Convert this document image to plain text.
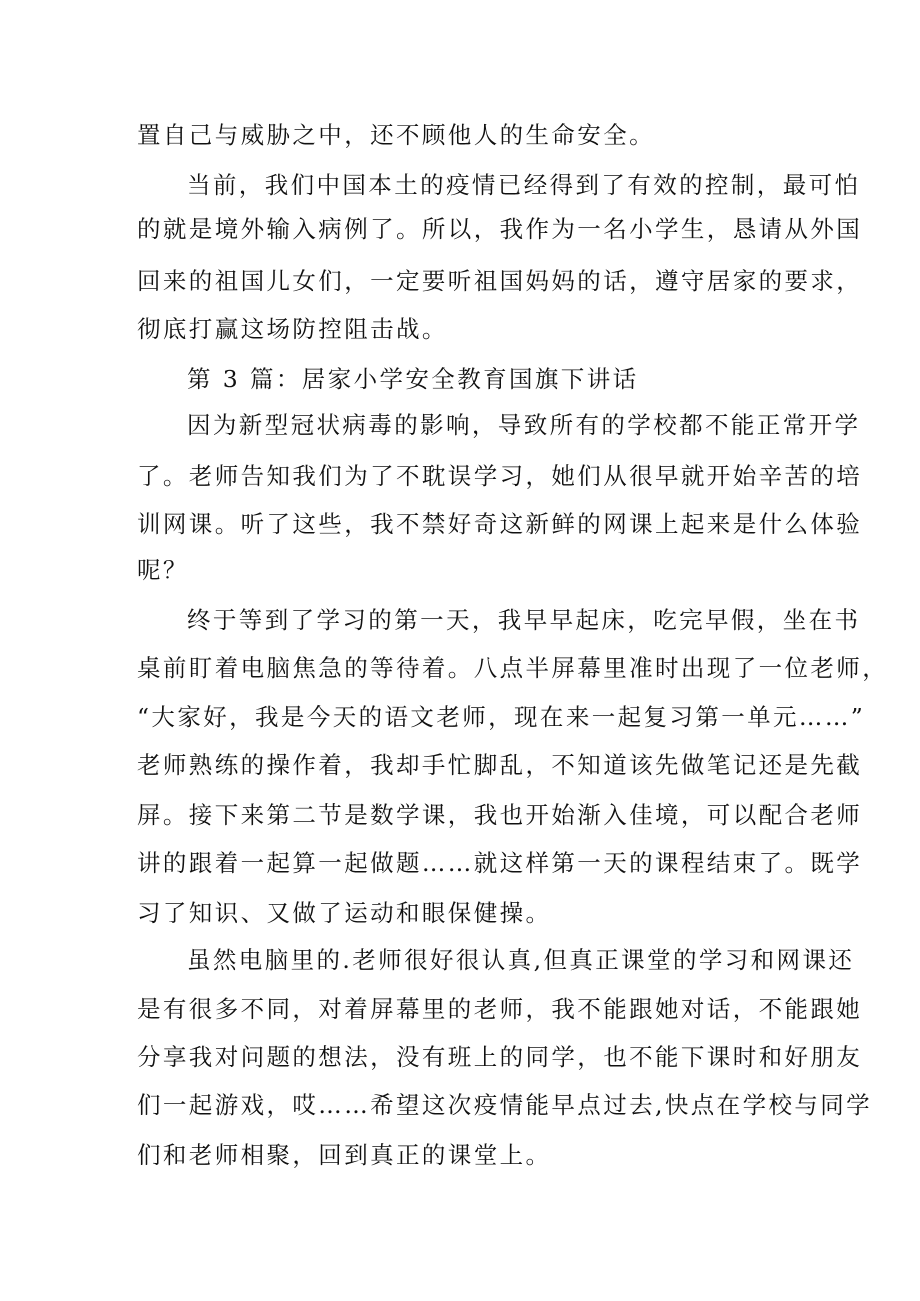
置自己与威胁之中，还不顾他人的生命安全。
当前，我们中国本土的疫情已经得到了有效的控制，最可怕
的就是境外输入病例了。所以，我作为一名小学生，恳请从外国
回来的祖国儿女们，一定要听祖国妈妈的话，遵守居家的要求，
彻底打赢这场防控阻击战。
第 3 篇：居家小学安全教育国旗下讲话
因为新型冠状病毒的影响，导致所有的学校都不能正常开学
了。老师告知我们为了不耽误学习，她们从很早就开始辛苦的培
训网课。听了这些，我不禁好奇这新鲜的网课上起来是什么体验
呢？
终于等到了学习的第一天，我早早起床，吃完早假，坐在书
桌前盯着电脑焦急的等待着。八点半屏幕里准时出现了一位老师，
“大家好，我是今天的语文老师，现在来一起复习第一单元……”
老师熟练的操作着，我却手忙脚乱，不知道该先做笔记还是先截
屏。接下来第二节是数学课，我也开始渐入佳境，可以配合老师
讲的跟着一起算一起做题……就这样第一天的课程结束了。既学
习了知识、又做了运动和眼保健操。
虽然电脑里的.老师很好很认真,但真正课堂的学习和网课还
是有很多不同，对着屏幕里的老师，我不能跟她对话，不能跟她
分享我对问题的想法，没有班上的同学，也不能下课时和好朋友
们一起游戏，哎……希望这次疫情能早点过去,快点在学校与同学
们和老师相聚，回到真正的课堂上。
